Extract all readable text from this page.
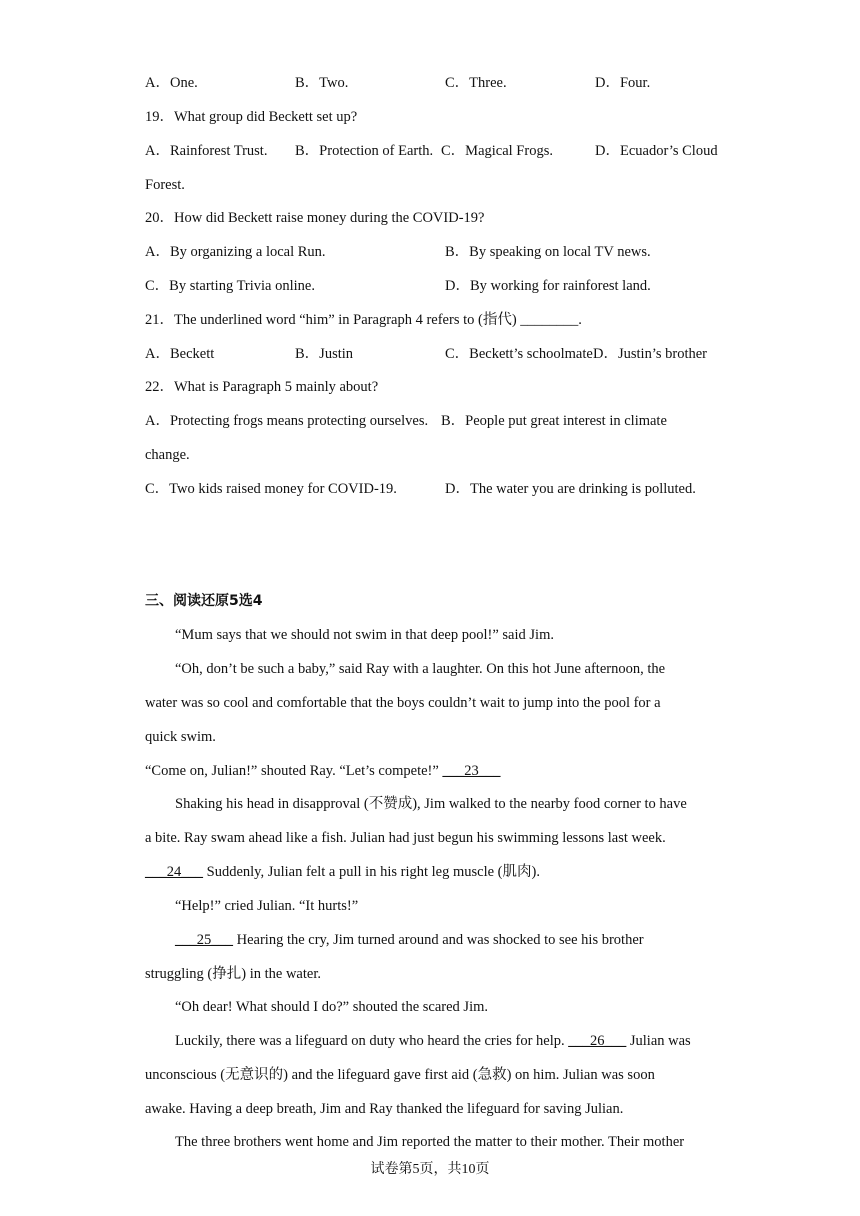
A．One.	B．Two.	C．Three.	D．Four.
19．What group did Beckett set up?
A．Rainforest Trust. B．Protection of Earth. C．Magical Frogs.	D．Ecuador’s Cloud
Forest.
20．How did Beckett raise money during the COVID-19?
A．By organizing a local Run.	B．By speaking on local TV news.
C．By starting Trivia online.	D．By working for rainforest land.
21．The underlined word “him” in Paragraph 4 refers to (指代) ________.
A．Beckett	B．Justin	C．Beckett’s schoolmate D．Justin’s brother
22．What is Paragraph 5 mainly about?
A．Protecting frogs means protecting ourselves. B．People put great interest in climate
change.
C．Two kids raised money for COVID-19.	D．The water you are drinking is polluted.
三、阅读还原5选4
“Mum says that we should not swim in that deep pool!” said Jim.
“Oh, don’t be such a baby,” said Ray with a laughter. On this hot June afternoon, the
water was so cool and comfortable that the boys couldn’t wait to jump into the pool for a
quick swim.
“Come on, Julian!” shouted Ray. “Let’s compete!” ___23___
Shaking his head in disapproval (不赞成), Jim walked to the nearby food corner to have
a bite. Ray swam ahead like a fish. Julian had just begun his swimming lessons last week.
___24___ Suddenly, Julian felt a pull in his right leg muscle (肌肉).
“Help!” cried Julian. “It hurts!”
___25___ Hearing the cry, Jim turned around and was shocked to see his brother
struggling (挣扎) in the water.
“Oh dear! What should I do?” shouted the scared Jim.
Luckily, there was a lifeguard on duty who heard the cries for help. ___26___ Julian was
unconscious (无意识的) and the lifeguard gave first aid (急救) on him. Julian was soon
awake. Having a deep breath, Jim and Ray thanked the lifeguard for saving Julian.
The three brothers went home and Jim reported the matter to their mother. Their mother
试卷第5页，共10页
